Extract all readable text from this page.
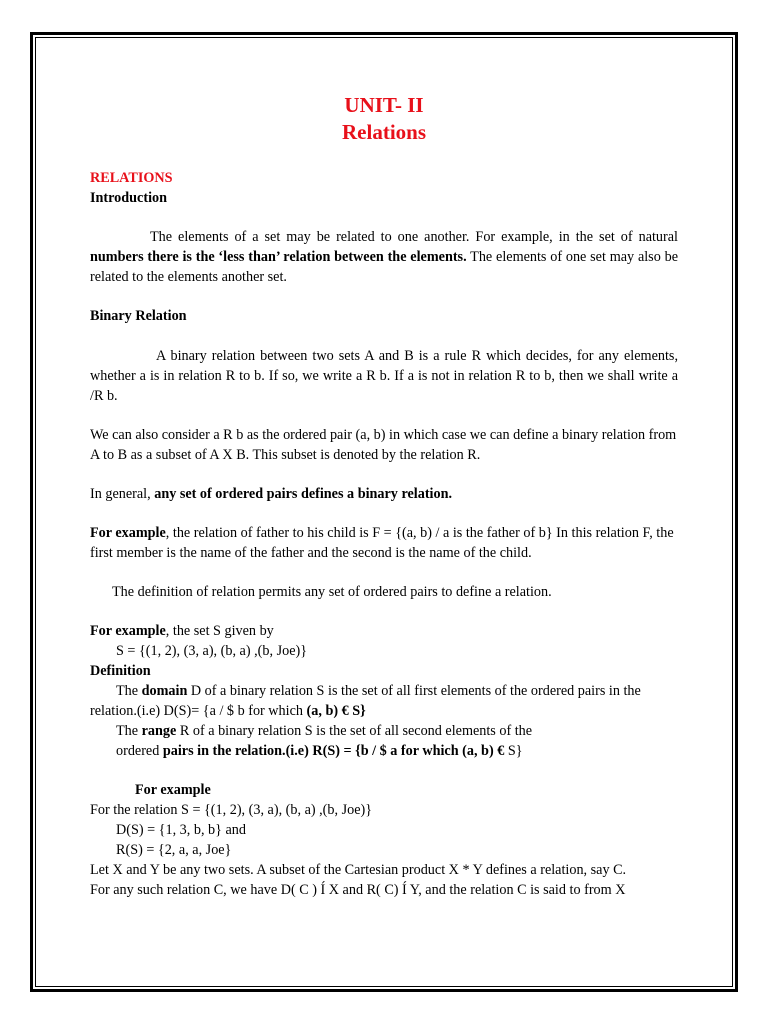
UNIT- II
Relations

RELATIONS

Introduction

The elements of a set may be related to one another. For example, in the set of natural numbers there is the ‘less than’ relation between the elements. The elements of one set may also be related to the elements another set.

Binary Relation

A binary relation between two sets A and B is a rule R which decides, for any elements, whether a is in relation R to b. If so, we write a R b. If a is not in relation R to b, then we shall write a /R b.

We can also consider a R b as the ordered pair (a, b) in which case we can define a binary relation from A to B as a subset of A X B. This subset is denoted by the relation R.

In general, any set of ordered pairs defines a binary relation.

For example, the relation of father to his child is F = {(a, b) / a is the father of b} In this relation F, the first member is the name of the father and the second is the name of the child.

The definition of relation permits any set of ordered pairs to define a relation.

For example, the set S given by

S = {(1, 2), (3, a), (b, a) ,(b, Joe)}

Definition

The domain D of a binary relation S is the set of all first elements of the ordered pairs in the relation.(i.e) D(S)= {a / $ b for which (a, b) € S}

The range R of a binary relation S is the set of all second elements of the

ordered pairs in the relation.(i.e) R(S) = {b / $ a for which (a, b) € S}

For example

For the relation S = {(1, 2), (3, a), (b, a) ,(b, Joe)}

D(S) = {1, 3, b, b} and

R(S) = {2, a, a, Joe}

Let X and Y be any two sets. A subset of the Cartesian product X * Y defines a relation, say C.

For any such relation C, we have D( C ) Í X and R( C) Í Y, and the relation C is said to from X
